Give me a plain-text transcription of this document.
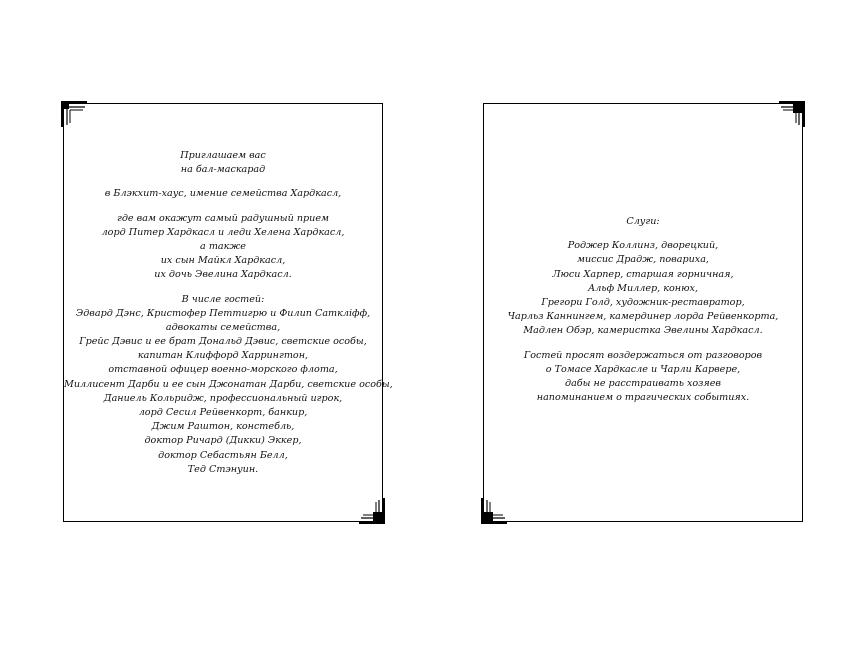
Приглашаем вас
на бал-маскарад
в Блэкхит-хаус, имение семейства Хардкасл,
где вам окажут самый радушный прием
лорд Питер Хардкасл и леди Хелена Хардкасл,
а также
их сын Майкл Хардкасл,
их дочь Эвелина Хардкасл.
В числе гостей:
Эдвард Дэнс, Кристофер Петтигрю и Филип Саткліфф,
адвокаты семейства,
Грейс Дэвис и ее брат Дональд Дэвис, светские особы,
капитан Клиффорд Харрингтон,
отставной офицер военно-морского флота,
Миллисент Дарби и ее сын Джонатан Дарби, светские особы,
Даниель Кольридж, профессиональный игрок,
лорд Сесил Рейвенкорт, банкир,
Джим Раштон, констебль,
доктор Ричард (Дикки) Эккер,
доктор Себастьян Белл,
Тед Стэнуин.
Слуги:
Роджер Коллинз, дворецкий,
миссис Драдж, повариха,
Люси Харпер, старшая горничная,
Альф Миллер, конюх,
Грегори Голд, художник-реставратор,
Чарльз Каннингем, камердинер лорда Рейвенкорта,
Мадлен Обэр, камеристка Эвелины Хардкасл.
Гостей просят воздержаться от разговоров
о Томасе Хардкасле и Чарли Карвере,
дабы не расстраивать хозяев
напоминанием о трагических событиях.
